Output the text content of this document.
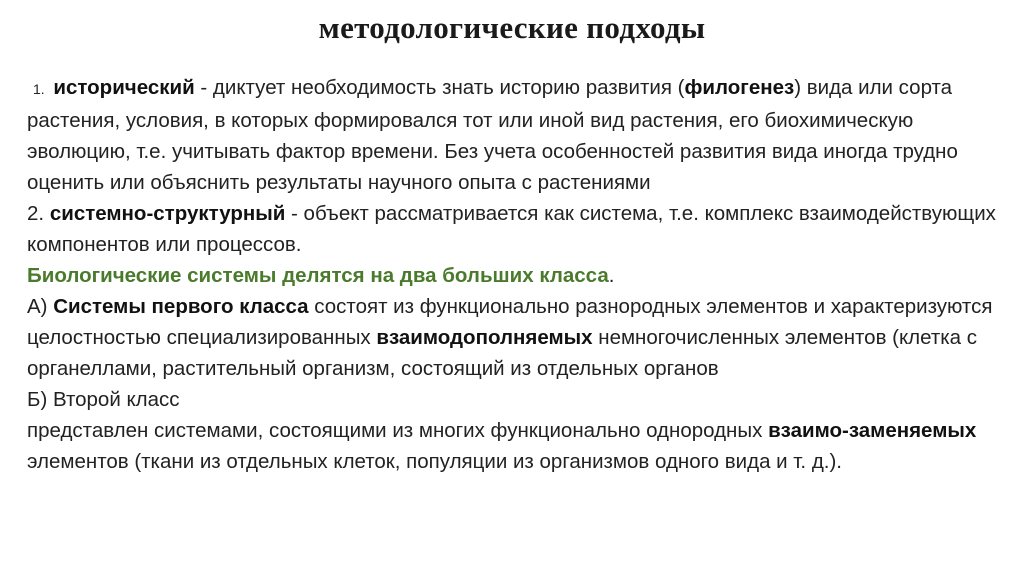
методологические подходы

1. исторический - диктует необходимость знать историю развития (филогенез) вида или сорта растения, условия, в которых формировался тот или иной вид растения, его биохимическую эволюцию, т.е. учитывать фактор времени. Без учета особенностей развития вида иногда трудно оценить или объяснить результаты научного опыта с растениями

2. системно-структурный - объект рассматривается как система, т.е. комплекс взаимодействующих компонентов или процессов.

Биологические системы делятся на два больших класса.

А) Системы первого класса состоят из функционально разнородных элементов и характеризуются целостностью специализированных взаимодополняемых немногочисленных элементов (клетка с органеллами, растительный организм, состоящий из отдельных органов

Б) Второй класс

представлен системами, состоящими из многих функционально однородных взаимо-заменяемых элементов (ткани из отдельных клеток, популяции из организмов одного вида и т. д.).
